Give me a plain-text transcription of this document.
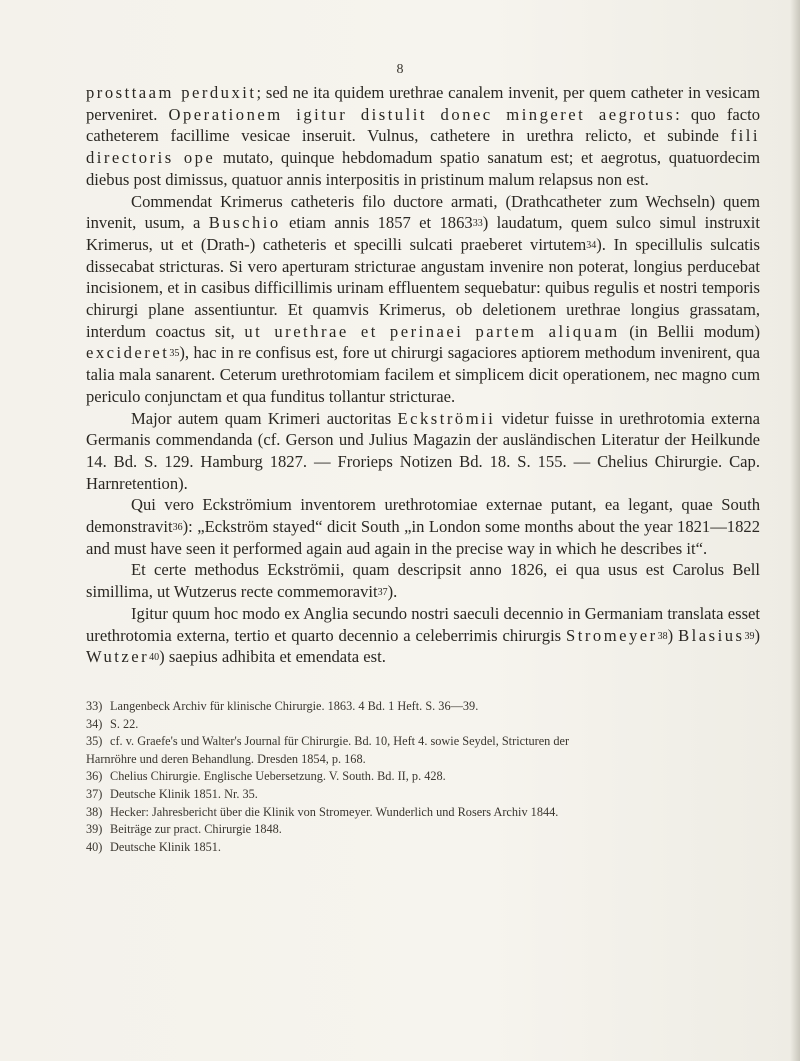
8

prosttaam perduxit; sed ne ita quidem urethrae canalem invenit, per quem catheter in vesicam perveniret. Operationem igitur distulit donec mingeret aegrotus: quo facto catheterem facillime vesicae inseruit. Vulnus, cathetere in urethra relicto, et subinde fili directoris ope mutato, quinque hebdomadum spatio sanatum est; et aegrotus, quatuordecim diebus post dimissus, quatuor annis interpositis in pristinum malum relapsus non est.

Commendat Krimerus catheteris filo ductore armati, (Drathcatheter zum Wechseln) quem invenit, usum, a Buschio etiam annis 1857 et 1863$^{33}$) laudatum, quem sulco simul instruxit Krimerus, ut et (Drath-) catheteris et specilli sulcati praeberet virtutem$^{34}$). In specillulis sulcatis dissecabat stricturas. Si vero aperturam stricturae angustam invenire non poterat, longius perducebat incisionem, et in casibus difficillimis urinam effluentem sequebatur: quibus regulis et nostri temporis chirurgi plane assentiuntur. Et quamvis Krimerus, ob deletionem urethrae longius grassatam, interdum coactus sit, ut urethrae et perinaei partem aliquam (in Bellii modum) excideret$^{35}$), hac in re confisus est, fore ut chirurgi sagaciores aptiorem methodum invenirent, qua talia mala sanarent. Ceterum urethrotomiam facilem et simplicem dicit operationem, nec magno cum periculo conjunctam et qua funditus tollantur stricturae.

Major autem quam Krimeri auctoritas Eckströmii videtur fuisse in urethrotomia externa Germanis commendanda (cf. Gerson und Julius Magazin der ausländischen Literatur der Heilkunde 14. Bd. S. 129. Hamburg 1827. — Frorieps Notizen Bd. 18. S. 155. — Chelius Chirurgie. Cap. Harnretention).

Qui vero Eckströmium inventorem urethrotomiae externae putant, ea legant, quae South demonstravit$^{36}$): „Eckström stayed“ dicit South „in London some months about the year 1821—1822 and must have seen it performed again aud again in the precise way in which he describes it“.

Et certe methodus Eckströmii, quam descripsit anno 1826, ei qua usus est Carolus Bell simillima, ut Wutzerus recte commemoravit$^{37}$).

Igitur quum hoc modo ex Anglia secundo nostri saeculi decennio in Germaniam translata esset urethrotomia externa, tertio et quarto decennio a celeberrimis chirurgis Stromeyer$^{38}$) Blasius$^{39}$) Wutzer$^{40}$) saepius adhibita et emendata est.

33) Langenbeck Archiv für klinische Chirurgie. 1863. 4 Bd. 1 Heft. S. 36—39.
34) S. 22.
35) cf. v. Graefe's und Walter's Journal für Chirurgie. Bd. 10, Heft 4. sowie Seydel, Stricturen der
Harnröhre und deren Behandlung. Dresden 1854, p. 168.
36) Chelius Chirurgie. Englische Uebersetzung. V. South. Bd. II, p. 428.
37) Deutsche Klinik 1851. Nr. 35.
38) Hecker: Jahresbericht über die Klinik von Stromeyer. Wunderlich und Rosers Archiv 1844.
39) Beiträge zur pract. Chirurgie 1848.
40) Deutsche Klinik 1851.
